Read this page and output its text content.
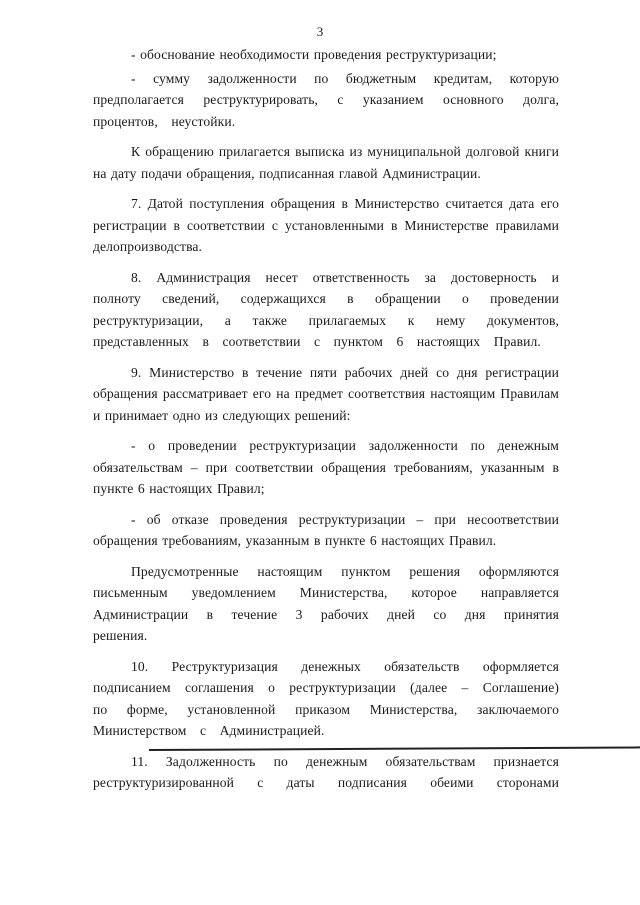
3

- обоснование необходимости проведения реструктуризации;

- сумму задолженности по бюджетным кредитам, которую предполагается реструктурировать, с указанием основного долга, процентов, неустойки.

К обращению прилагается выписка из муниципальной долговой книги на дату подачи обращения, подписанная главой Администрации.

7. Датой поступления обращения в Министерство считается дата его регистрации в соответствии с установленными в Министерстве правилами делопроизводства.

8. Администрация несет ответственность за достоверность и полноту сведений, содержащихся в обращении о проведении реструктуризации, а также прилагаемых к нему документов, представленных в соответствии с пунктом 6 настоящих Правил.

9. Министерство в течение пяти рабочих дней со дня регистрации обращения рассматривает его на предмет соответствия настоящим Правилам и принимает одно из следующих решений:

- о проведении реструктуризации задолженности по денежным обязательствам – при соответствии обращения требованиям, указанным в пункте 6 настоящих Правил;

- об отказе проведения реструктуризации – при несоответствии обращения требованиям, указанным в пункте 6 настоящих Правил.

Предусмотренные настоящим пунктом решения оформляются письменным уведомлением Министерства, которое направляется Администрации в течение 3 рабочих дней со дня принятия решения.

10. Реструктуризация денежных обязательств оформляется подписанием соглашения о реструктуризации (далее – Соглашение) по форме, установленной приказом Министерства, заключаемого Министерством с Администрацией.

11. Задолженность по денежным обязательствам признается реструктуризированной с даты подписания обеими сторонами
